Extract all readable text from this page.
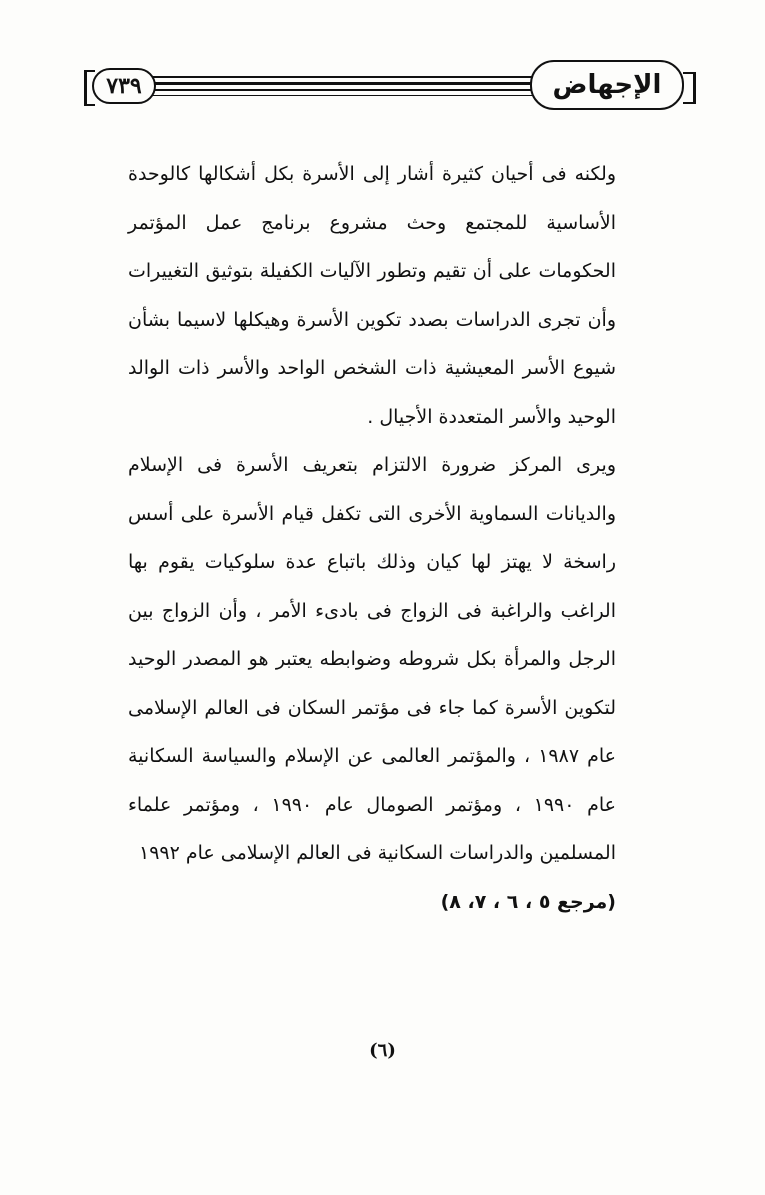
٧٣٩	الإجهاض

ولكنه فى أحيان كثيرة أشار إلى الأسرة بكل أشكالها كالوحدة الأساسية للمجتمع وحث مشروع برنامج عمل المؤتمر الحكومات على أن تقيم وتطور الآليات الكفيلة بتوثيق التغييرات وأن تجرى الدراسات بصدد تكوين الأسرة وهيكلها لاسيما بشأن شيوع الأسر المعيشية ذات الشخص الواحد والأسر ذات الوالد الوحيد والأسر المتعددة الأجيال .

ويرى المركز ضرورة الالتزام بتعريف الأسرة فى الإسلام والديانات السماوية الأخرى التى تكفل قيام الأسرة على أسس راسخة لا يهتز لها كيان وذلك باتباع عدة سلوكيات يقوم بها الراغب والراغبة فى الزواج فى بادىء الأمر ، وأن الزواج بين الرجل والمرأة بكل شروطه وضوابطه يعتبر هو المصدر الوحيد لتكوين الأسرة كما جاء فى مؤتمر السكان فى العالم الإسلامى عام ١٩٨٧ ، والمؤتمر العالمى عن الإسلام والسياسة السكانية عام ١٩٩٠ ، ومؤتمر الصومال عام ١٩٩٠ ، ومؤتمر علماء المسلمين والدراسات السكانية فى العالم الإسلامى عام ١٩٩٢

(مرجع ٥ ، ٦ ، ٧، ٨)

(٦)
